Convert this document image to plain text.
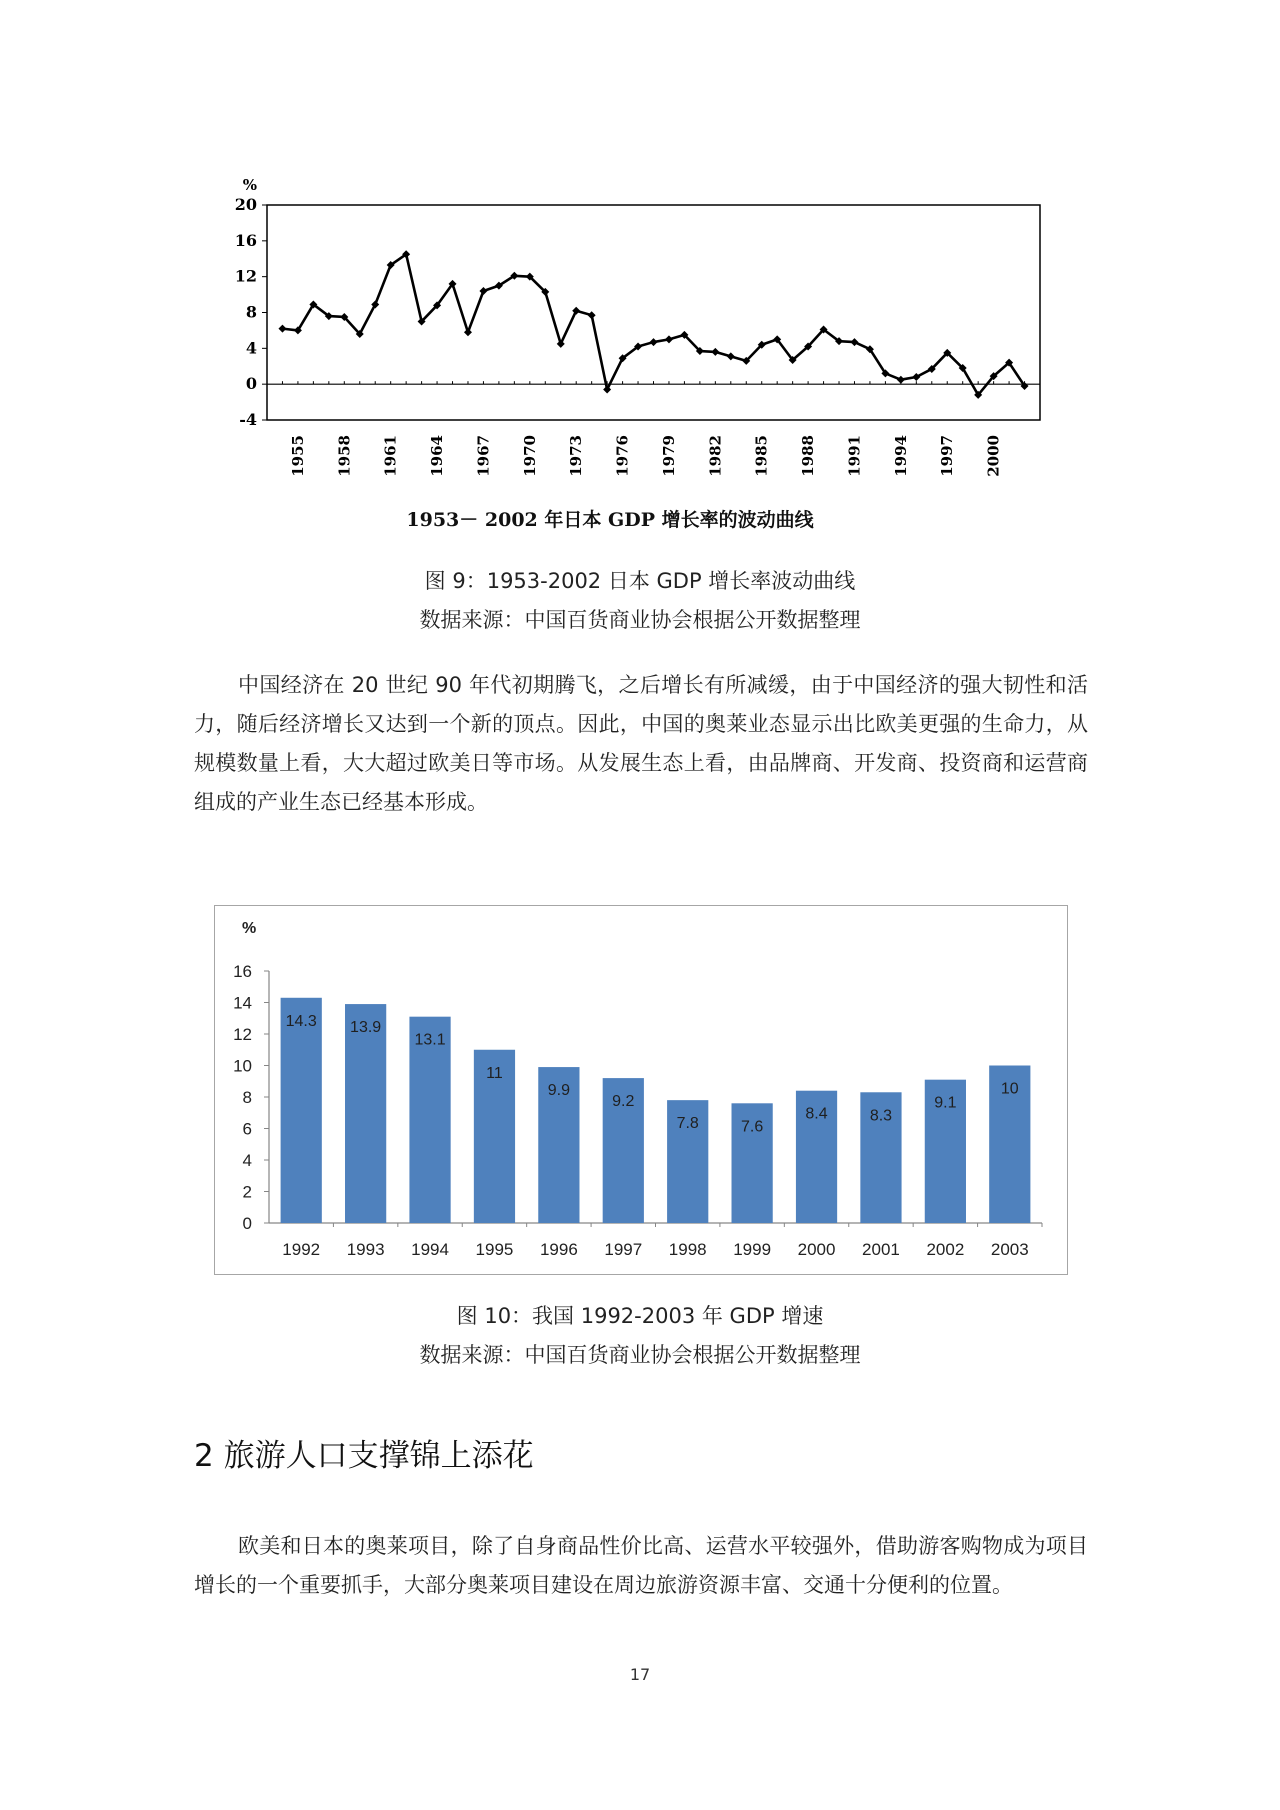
%
-4
0
4
8
12
16
20
1955 1958 1961 1964 1967 1970 1973 1976 1979 1982 1985 1988 1991 1994 1997 2000
1953－ 2002 年日本 GDP 增长率的波动曲线
图 9：1953-2002 日本 GDP 增长率波动曲线
数据来源：中国百货商业协会根据公开数据整理

中国经济在 20 世纪 90 年代初期腾飞，之后增长有所减缓，由于中国经济的强大韧性和活力，随后经济增长又达到一个新的顶点。因此，中国的奥莱业态显示出比欧美更强的生命力，从规模数量上看，大大超过欧美日等市场。从发展生态上看，由品牌商、开发商、投资商和运营商组成的产业生态已经基本形成。

%
0
2
4
6
8
10
12
14
16
14.3
1992
13.9
1993
13.1
1994
11
1995
9.9
1996
9.2
1997
7.8
1998
7.6
1999
8.4
2000
8.3
2001
9.1
2002
10
2003
图 10：我国 1992-2003 年 GDP 增速
数据来源：中国百货商业协会根据公开数据整理
2 旅游人口支撑锦上添花

欧美和日本的奥莱项目，除了自身商品性价比高、运营水平较强外，借助游客购物成为项目增长的一个重要抓手，大部分奥莱项目建设在周边旅游资源丰富、交通十分便利的位置。

17
